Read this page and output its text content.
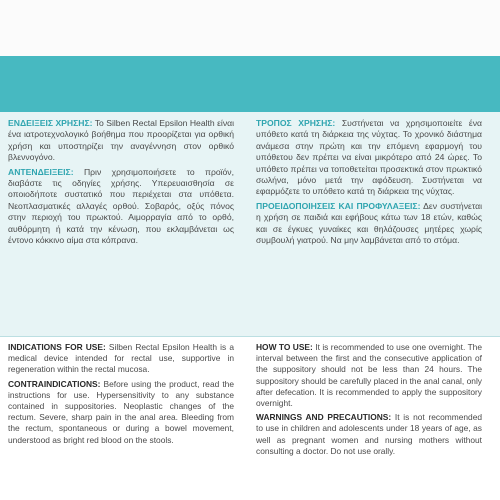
ΕΝΔΕΙΞΕΙΣ ΧΡΗΣΗΣ: Το Silben Rectal Epsilon Health είναι ένα ιατροτεχνολογικό βοήθημα που προορίζεται για ορθική χρήση και υποστηρίζει την αναγέννηση στον ορθικό βλεννογόνο.

ΑΝΤΕΝΔΕΙΞΕΙΣ: Πριν χρησιμοποιήσετε το προϊόν, διαβάστε τις οδηγίες χρήσης. Υπερευαισθησία σε οποιοδήποτε συστατικό που περιέχεται στα υπόθετα. Νεοπλασματικές αλλαγές ορθού. Σοβαρός, οξύς πόνος στην περιοχή του πρωκτού. Αιμορραγία από το ορθό, αυθόρμητη ή κατά την κένωση, που εκλαμβάνεται ως έντονο κόκκινο αίμα στα κόπρανα.

ΤΡΟΠΟΣ ΧΡΗΣΗΣ: Συστήνεται να χρησιμοποιείτε ένα υπόθετο κατά τη διάρκεια της νύχτας. Το χρονικό διάστημα ανάμεσα στην πρώτη και την επόμενη εφαρμογή του υπόθετου δεν πρέπει να είναι μικρότερο από 24 ώρες. Το υπόθετο πρέπει να τοποθετείται προσεκτικά στον πρωκτικό σωλήνα, μόνο μετά την αφόδευση. Συστήνεται να εφαρμόζετε το υπόθετο κατά τη διάρκεια της νύχτας.

ΠΡΟΕΙΔΟΠΟΙΗΣΕΙΣ ΚΑΙ ΠΡΟΦΥΛΑΞΕΙΣ: Δεν συστήνεται η χρήση σε παιδιά και εφήβους κάτω των 18 ετών, καθώς και σε έγκυες γυναίκες και θηλάζουσες μητέρες χωρίς συμβουλή γιατρού. Να μην λαμβάνεται από το στόμα.

INDICATIONS FOR USE: Silben Rectal Epsilon Health is a medical device intended for rectal use, supportive in regeneration within the rectal mucosa.

CONTRAINDICATIONS: Before using the product, read the instructions for use. Hypersensitivity to any substance contained in suppositories. Neoplastic changes of the rectum. Severe, sharp pain in the anal area. Bleeding from the rectum, spontaneous or during a bowel movement, understood as bright red blood on the stools.

HOW TO USE: It is recommended to use one overnight. The interval between the first and the consecutive application of the suppository should not be less than 24 hours. The suppository should be carefully placed in the anal canal, only after defecation. It is recommended to apply the suppository overnight.

WARNINGS AND PRECAUTIONS: It is not recommended to use in children and adolescents under 18 years of age, as well as pregnant women and nursing mothers without consulting a doctor. Do not use orally.
